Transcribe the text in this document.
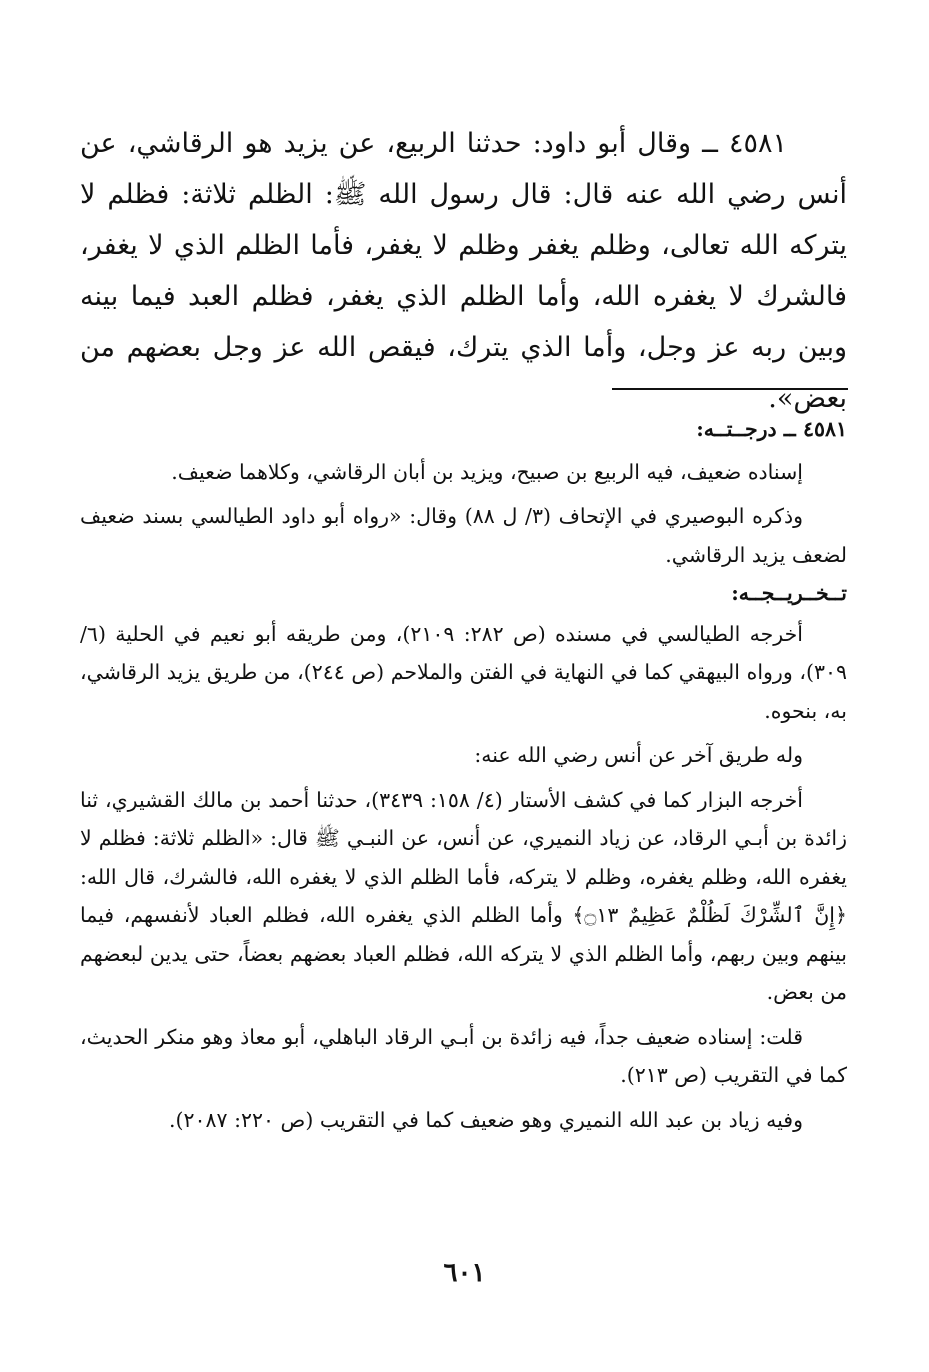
٤٥٨١ ــ وقال أبو داود: حدثنا الربيع، عن يزيد هو الرقاشي، عن أنس رضي الله عنه قال: قال رسول الله ﷺ: الظلم ثلاثة: فظلم لا يتركه الله تعالى، وظلم يغفر وظلم لا يغفر، فأما الظلم الذي لا يغفر، فالشرك لا يغفره الله، وأما الظلم الذي يغفر، فظلم العبد فيما بينه وبين ربه عز وجل، وأما الذي يترك، فيقص الله عز وجل بعضهم من بعض».

٤٥٨١ ــ درجــتــه:

إسناده ضعيف، فيه الربيع بن صبيح، ويزيد بن أبان الرقاشي، وكلاهما ضعيف.

وذكره البوصيري في الإتحاف (٣/ ل ٨٨) وقال: «رواه أبو داود الطيالسي بسند ضعيف لضعف يزيد الرقاشي.

تــخــريــجــه:

أخرجه الطيالسي في مسنده (ص ٢٨٢: ٢١٠٩)، ومن طريقه أبو نعيم في الحلية (٦/ ٣٠٩)، ورواه البيهقي كما في النهاية في الفتن والملاحم (ص ٢٤٤)، من طريق يزيد الرقاشي، به، بنحوه.

وله طريق آخر عن أنس رضي الله عنه:

أخرجه البزار كما في كشف الأستار (٤/ ١٥٨: ٣٤٣٩)، حدثنا أحمد بن مالك القشيري، ثنا زائدة بن أبـي الرقاد، عن زياد النميري، عن أنس، عن النبـي ﷺ قال: «الظلم ثلاثة: فظلم لا يغفره الله، وظلم يغفره، وظلم لا يتركه، فأما الظلم الذي لا يغفره الله، فالشرك، قال الله: ﴿إِنَّ ٱلشِّرْكَ لَظُلْمٌ عَظِيمٌ ۝١٣﴾ وأما الظلم الذي يغفره الله، فظلم العباد لأنفسهم، فيما بينهم وبين ربهم، وأما الظلم الذي لا يتركه الله، فظلم العباد بعضهم بعضاً، حتى يدين لبعضهم من بعض.

قلت: إسناده ضعيف جداً، فيه زائدة بن أبـي الرقاد الباهلي، أبو معاذ وهو منكر الحديث، كما في التقريب (ص ٢١٣).

وفيه زياد بن عبد الله النميري وهو ضعيف كما في التقريب (ص ٢٢٠: ٢٠٨٧).

٦٠١
